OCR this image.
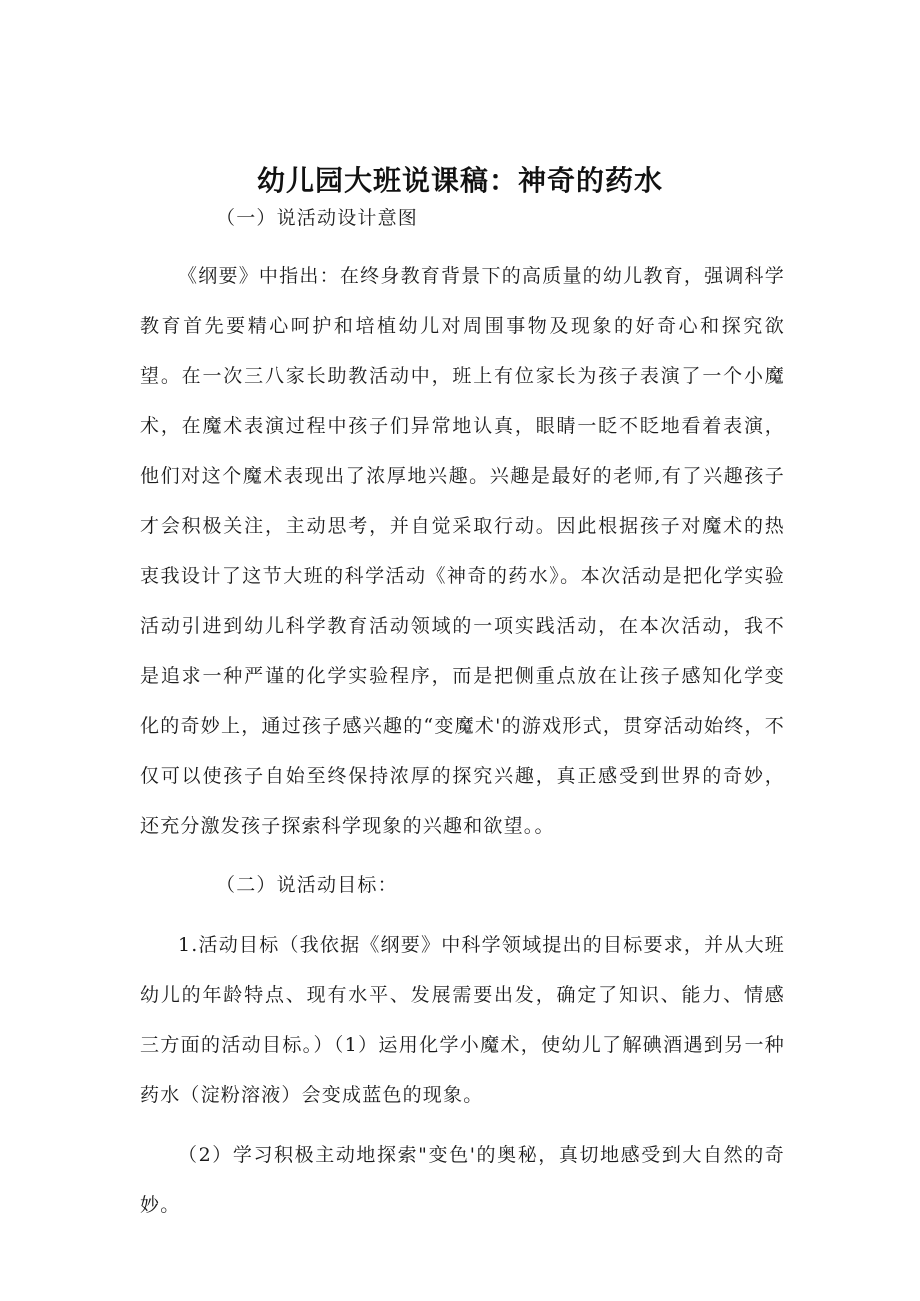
幼儿园大班说课稿：神奇的药水

（一）说活动设计意图

《纲要》中指出：在终身教育背景下的高质量的幼儿教育，强调科学教育首先要精心呵护和培植幼儿对周围事物及现象的好奇心和探究欲望。在一次三八家长助教活动中，班上有位家长为孩子表演了一个小魔术，在魔术表演过程中孩子们异常地认真，眼睛一眨不眨地看着表演，他们对这个魔术表现出了浓厚地兴趣。兴趣是最好的老师,有了兴趣孩子才会积极关注，主动思考，并自觉采取行动。因此根据孩子对魔术的热衷我设计了这节大班的科学活动《神奇的药水》。本次活动是把化学实验活动引进到幼儿科学教育活动领域的一项实践活动，在本次活动，我不是追求一种严谨的化学实验程序，而是把侧重点放在让孩子感知化学变化的奇妙上，通过孩子感兴趣的“变魔术'的游戏形式，贯穿活动始终，不仅可以使孩子自始至终保持浓厚的探究兴趣，真正感受到世界的奇妙，还充分激发孩子探索科学现象的兴趣和欲望。。

（二）说活动目标：

1.活动目标（我依据《纲要》中科学领域提出的目标要求，并从大班幼儿的年龄特点、现有水平、发展需要出发，确定了知识、能力、情感三方面的活动目标。）（1）运用化学小魔术，使幼儿了解碘酒遇到另一种药水（淀粉溶液）会变成蓝色的现象。

（2）学习积极主动地探索"变色'的奥秘，真切地感受到大自然的奇妙。
